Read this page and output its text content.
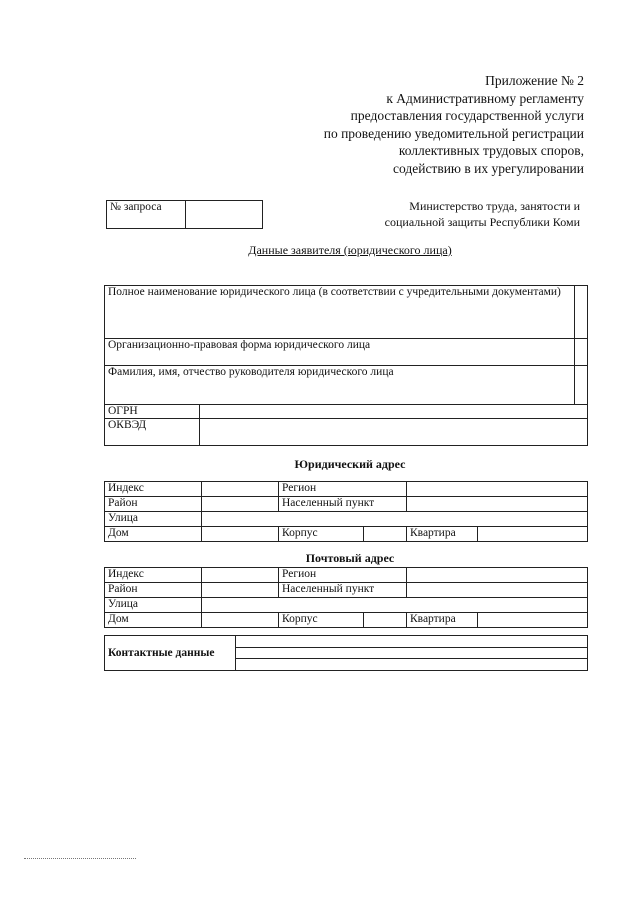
Приложение № 2
к Административному регламенту
предоставления государственной услуги
по проведению уведомительной регистрации
коллективных трудовых споров,
содействию в их урегулировании
№ запроса		Министерство труда, занятости и
социальной защиты Республики Коми
Данные заявителя (юридического лица)
Полное наименование юридического лица (в соответствии с учредительными документами)		
Организационно-правовая форма юридического лица		
Фамилия, имя, отчество руководителя юридического лица		
ОГРН		
ОКВЭД		
Юридический адрес
Индекс		Регион			
Район		Населенный пункт			
Улица					
Дом		Корпус		Квартира	
Почтовый адрес
Индекс		Регион			
Район		Населенный пункт			
Улица					
Дом		Корпус		Квартира	
Контактные данные	
